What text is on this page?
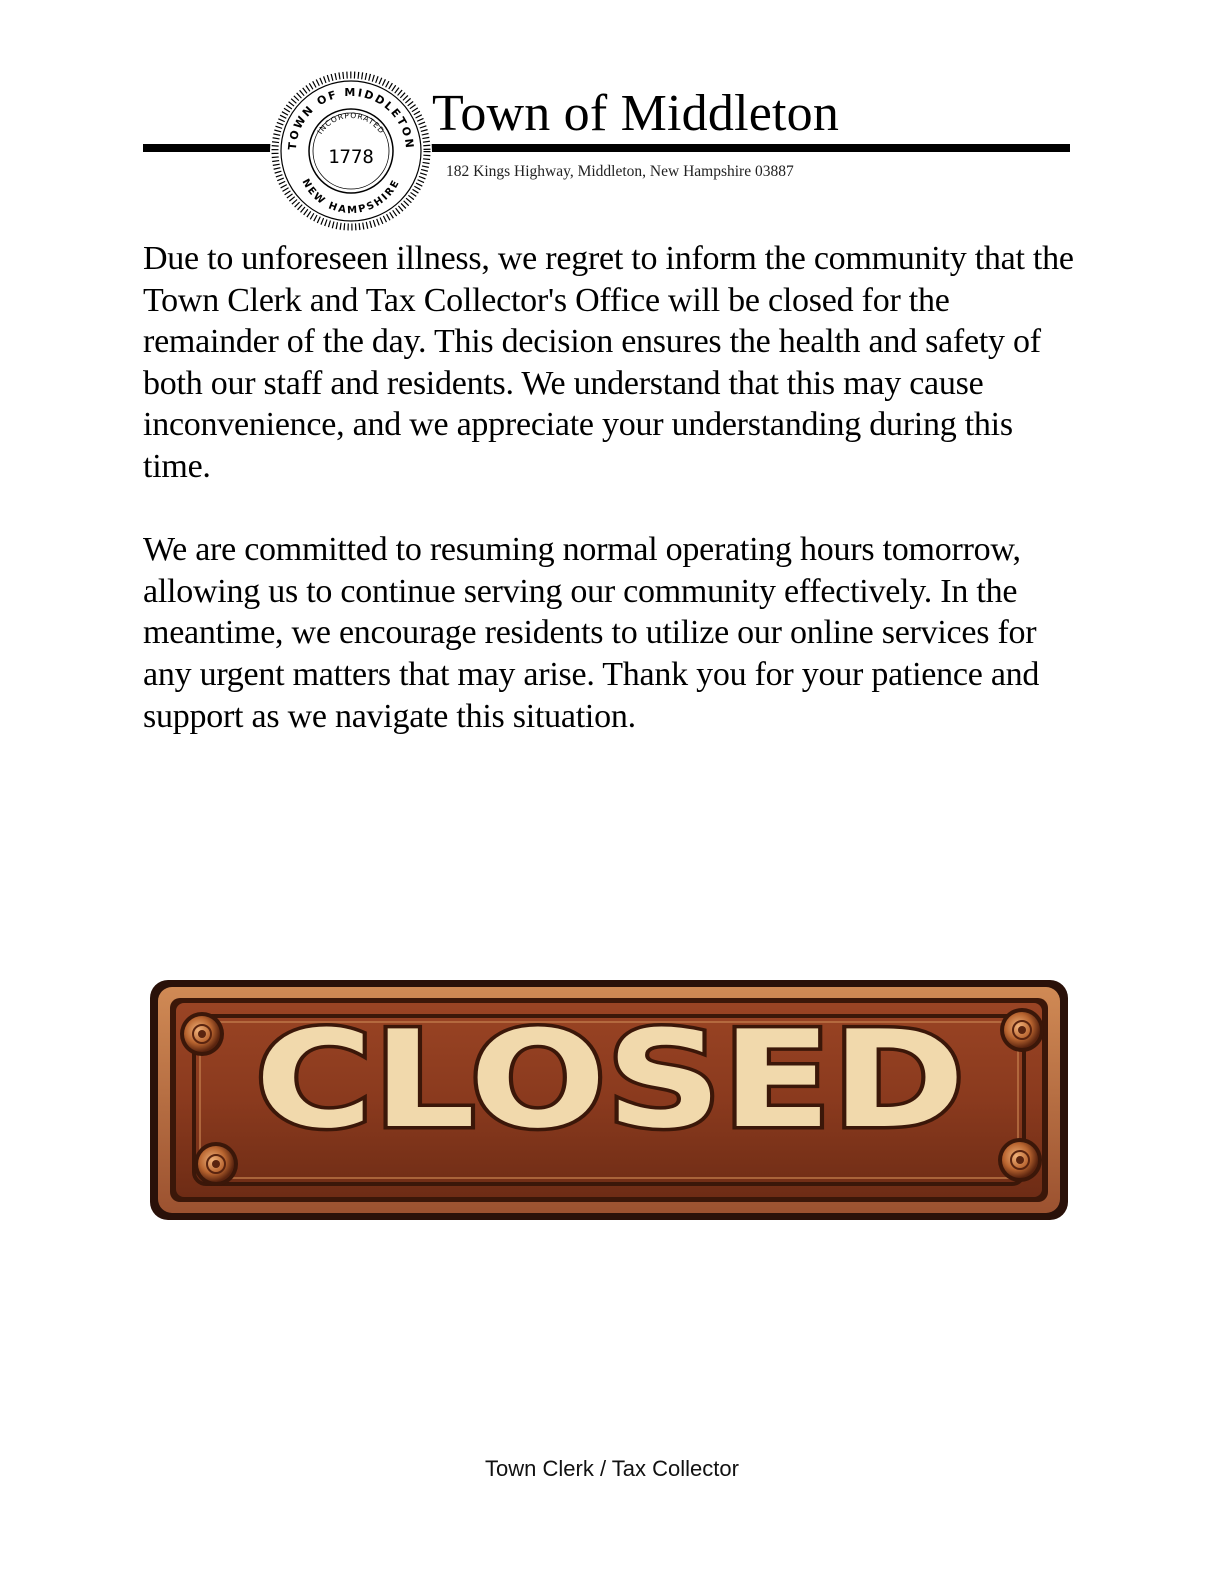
TOWN OF MIDDLETON
NEW HAMPSHIRE
INCORPORATED
1778
Town of Middleton
182 Kings Highway, Middleton, New Hampshire 03887

Due to unforeseen illness, we regret to inform the community that the Town Clerk and Tax Collector's Office will be closed for the remainder of the day. This decision ensures the health and safety of both our staff and residents. We understand that this may cause inconvenience, and we appreciate your understanding during this time.

We are committed to resuming normal operating hours tomorrow, allowing us to continue serving our community effectively. In the meantime, we encourage residents to utilize our online services for any urgent matters that may arise. Thank you for your patience and support as we navigate this situation.

CLOSED
Town Clerk / Tax Collector
